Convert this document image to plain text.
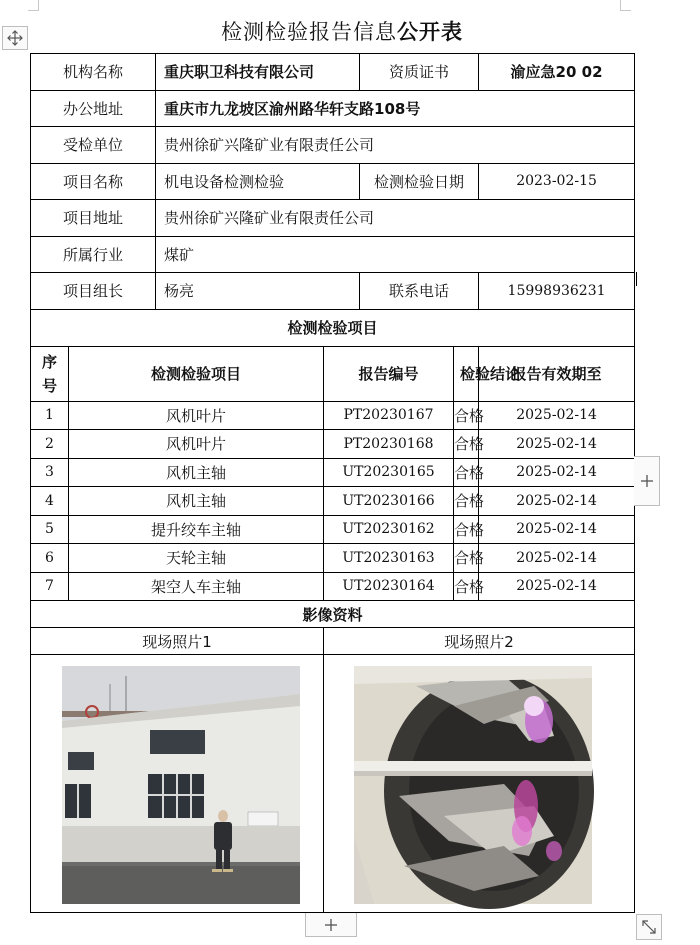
检测检验报告信息公开表
机构名称		重庆职卫科技有限公司		资质证书		渝应急20 02
办公地址		重庆市九龙坡区渝州路华轩支路108号				
受检单位		贵州徐矿兴隆矿业有限责任公司				
项目名称		机电设备检测检验		检测检验日期		2023-02-15
项目地址		贵州徐矿兴隆矿业有限责任公司				
所属行业		煤矿				
项目组长		杨亮		联系电话		15998936231
检测检验项目						
序号	检测检验项目		报告编号		检验结论	报告有效期至
1	风机叶片		PT20230167		合格	2025-02-14
2	风机叶片		PT20230168		合格	2025-02-14
3	风机主轴		UT20230165		合格	2025-02-14
4	风机主轴		UT20230166		合格	2025-02-14
5	提升绞车主轴		UT20230162		合格	2025-02-14
6	天轮主轴		UT20230163		合格	2025-02-14
7	架空人车主轴		UT20230164		合格	2025-02-14
影像资料						
现场照片1			现场照片2			
